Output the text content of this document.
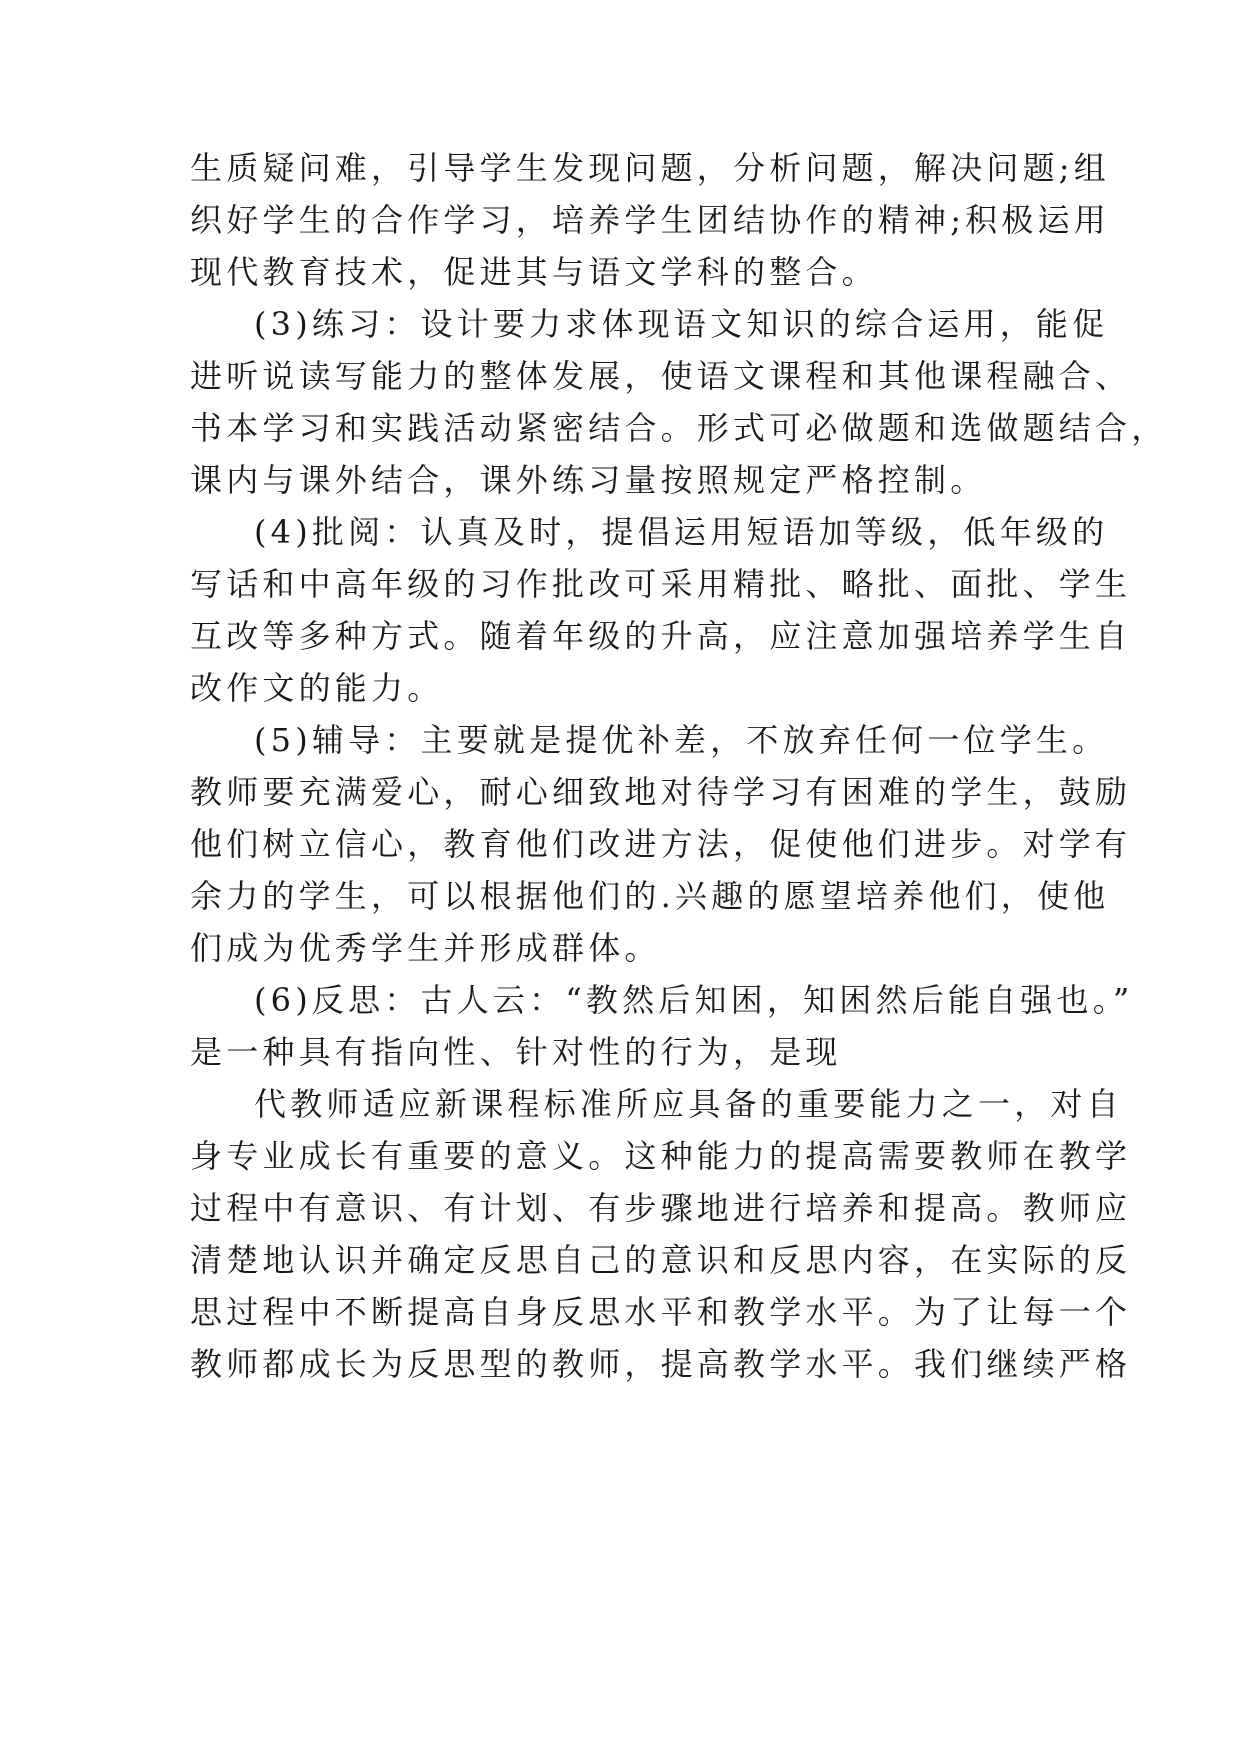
生质疑问难，引导学生发现问题，分析问题，解决问题;组
织好学生的合作学习，培养学生团结协作的精神;积极运用
现代教育技术，促进其与语文学科的整合。
(3)练习：设计要力求体现语文知识的综合运用，能促
进听说读写能力的整体发展，使语文课程和其他课程融合、
书本学习和实践活动紧密结合。形式可必做题和选做题结合，
课内与课外结合，课外练习量按照规定严格控制。
(4)批阅：认真及时，提倡运用短语加等级，低年级的
写话和中高年级的习作批改可采用精批、略批、面批、学生
互改等多种方式。随着年级的升高，应注意加强培养学生自
改作文的能力。
(5)辅导：主要就是提优补差，不放弃任何一位学生。
教师要充满爱心，耐心细致地对待学习有困难的学生，鼓励
他们树立信心，教育他们改进方法，促使他们进步。对学有
余力的学生，可以根据他们的.兴趣的愿望培养他们，使他
们成为优秀学生并形成群体。
(6)反思：古人云：“教然后知困，知困然后能自强也。”
是一种具有指向性、针对性的行为，是现
代教师适应新课程标准所应具备的重要能力之一，对自
身专业成长有重要的意义。这种能力的提高需要教师在教学
过程中有意识、有计划、有步骤地进行培养和提高。教师应
清楚地认识并确定反思自己的意识和反思内容，在实际的反
思过程中不断提高自身反思水平和教学水平。为了让每一个
教师都成长为反思型的教师，提高教学水平。我们继续严格
